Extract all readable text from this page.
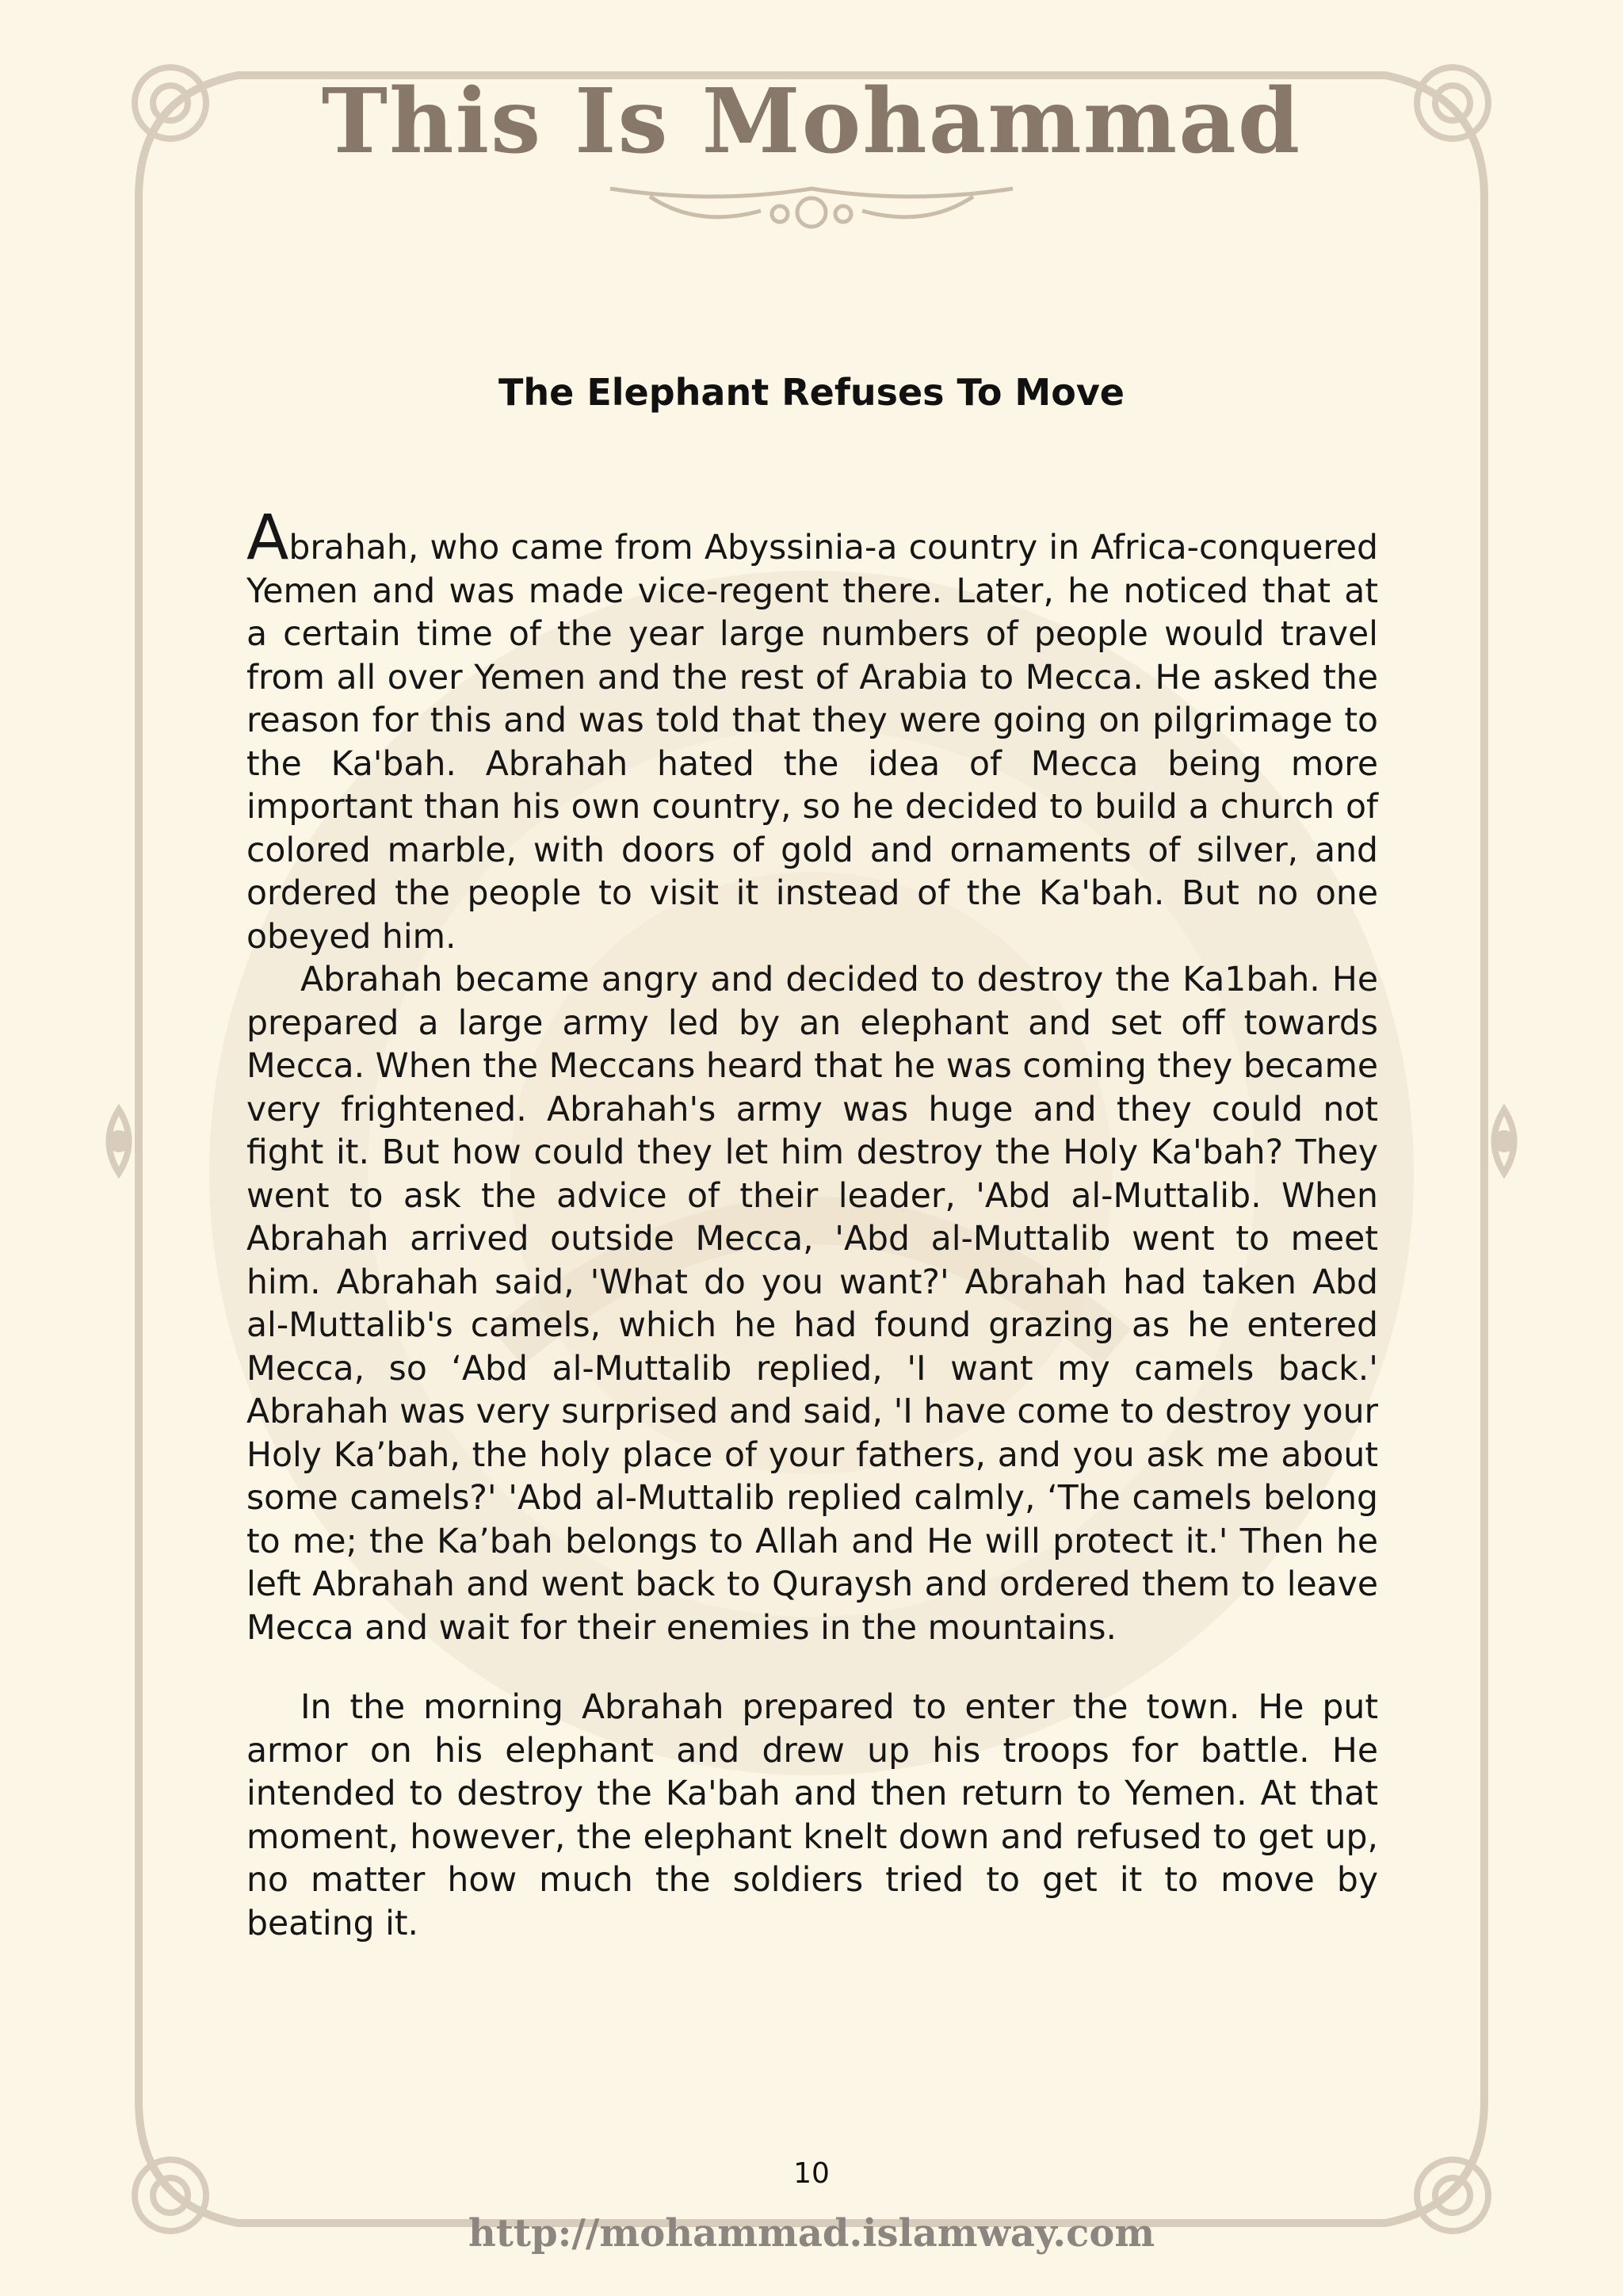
This Is Mohammad
The Elephant Refuses To Move

Abrahah, who came from Abyssinia-a country in Africa-conquered Yemen and was made vice-regent there. Later, he noticed that at a certain time of the year large numbers of people would travel from all over Yemen and the rest of Arabia to Mecca. He asked the reason for this and was told that they were going on pilgrimage to the Ka'bah. Abrahah hated the idea of Mecca being more important than his own country, so he decided to build a church of colored marble, with doors of gold and ornaments of silver, and ordered the people to visit it instead of the Ka'bah. But no one obeyed him.

Abrahah became angry and decided to destroy the Ka1bah. He prepared a large army led by an elephant and set off towards Mecca. When the Meccans heard that he was coming they became very frightened. Abrahah's army was huge and they could not fight it. But how could they let him destroy the Holy Ka'bah? They went to ask the advice of their leader, 'Abd al-Muttalib. When Abrahah arrived outside Mecca, 'Abd al-Muttalib went to meet him. Abrahah said, 'What do you want?' Abrahah had taken Abd al-Muttalib's camels, which he had found grazing as he entered Mecca, so ‘Abd al-Muttalib replied, 'I want my camels back.' Abrahah was very surprised and said, 'I have come to destroy your Holy Ka’bah, the holy place of your fathers, and you ask me about some camels?' 'Abd al-Muttalib replied calmly, ‘The camels belong to me; the Ka’bah belongs to Allah and He will protect it.' Then he left Abrahah and went back to Quraysh and ordered them to leave Mecca and wait for their enemies in the mountains.

In the morning Abrahah prepared to enter the town. He put armor on his elephant and drew up his troops for battle. He intended to destroy the Ka'bah and then return to Yemen. At that moment, however, the elephant knelt down and refused to get up, no matter how much the soldiers tried to get it to move by beating it.

10
http://mohammad.islamway.com
